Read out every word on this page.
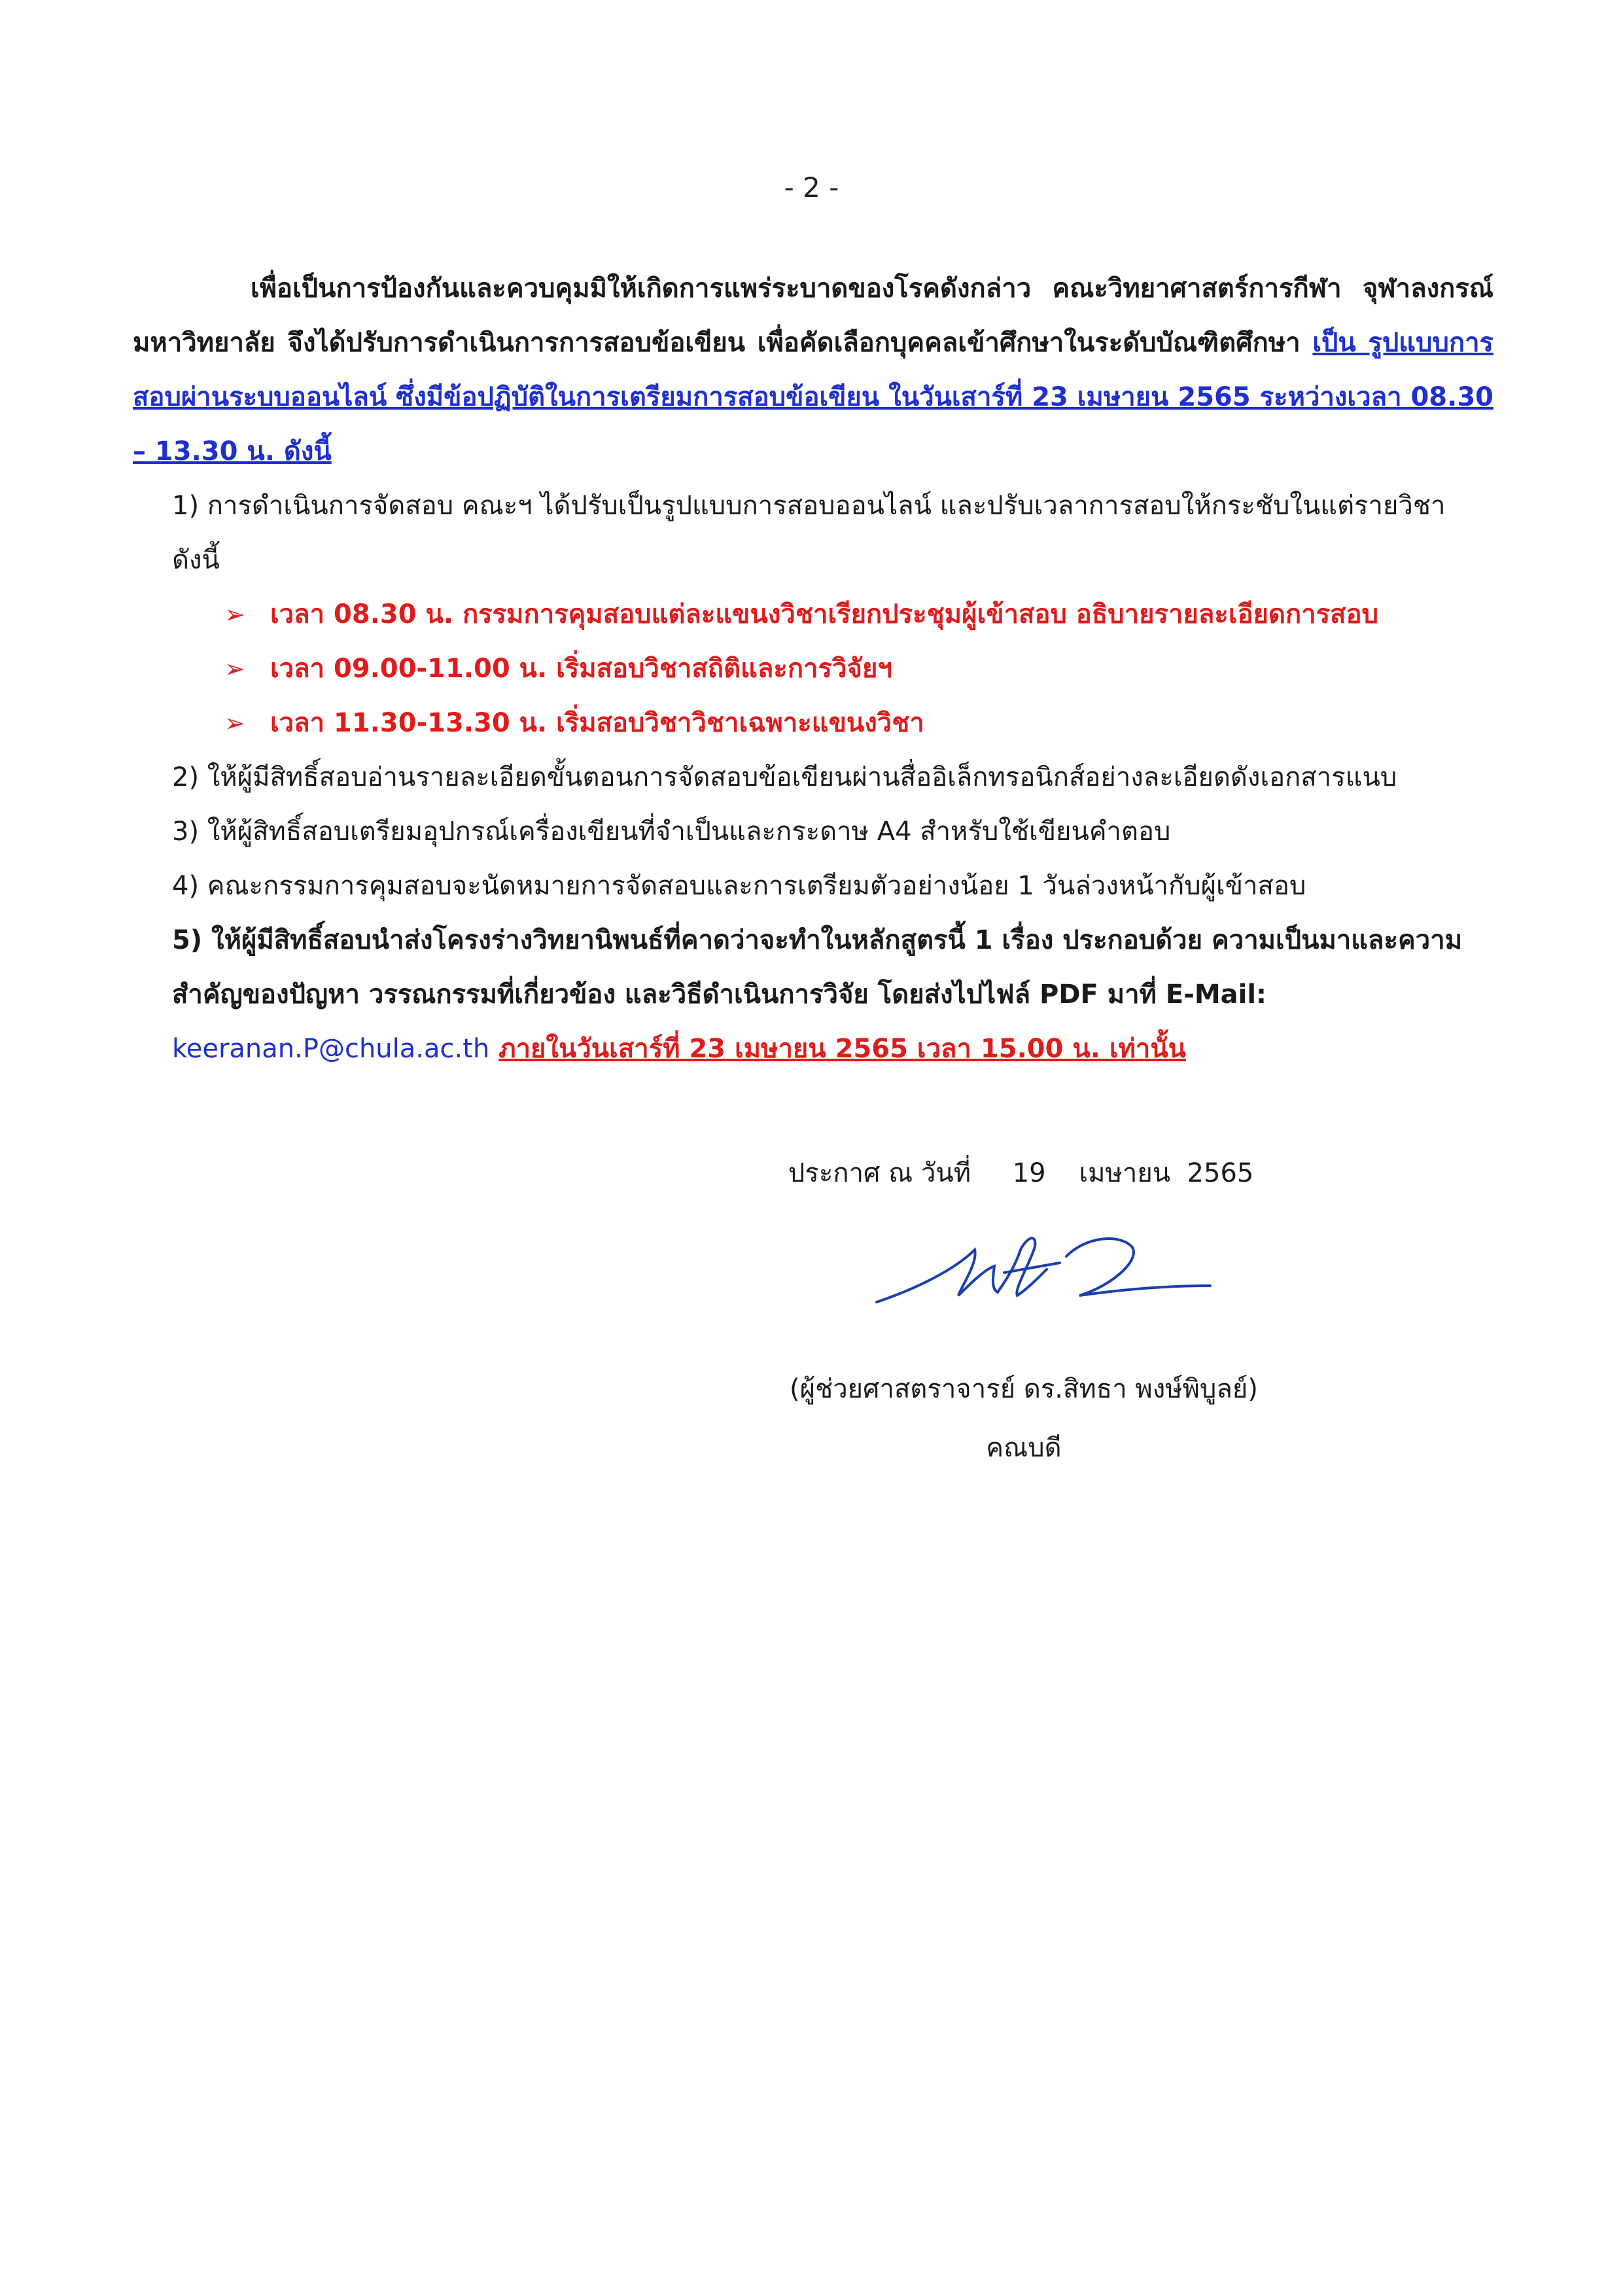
- 2 -

เพื่อเป็นการป้องกันและควบคุมมิให้เกิดการแพร่ระบาดของโรคดังกล่าว คณะวิทยาศาสตร์การกีฬา จุฬาลงกรณ์มหาวิทยาลัย จึงได้ปรับการดำเนินการการสอบข้อเขียน เพื่อคัดเลือกบุคคลเข้าศึกษาในระดับบัณฑิตศึกษา เป็น รูปแบบการสอบผ่านระบบออนไลน์ ซึ่งมีข้อปฏิบัติในการเตรียมการสอบข้อเขียน ในวันเสาร์ที่ 23 เมษายน 2565 ระหว่างเวลา 08.30 – 13.30 น. ดังนี้

1) การดำเนินการจัดสอบ คณะฯ ได้ปรับเป็นรูปแบบการสอบออนไลน์ และปรับเวลาการสอบให้กระชับในแต่รายวิชา ดังนี้

➢ เวลา 08.30 น. กรรมการคุมสอบแต่ละแขนงวิชาเรียกประชุมผู้เข้าสอบ อธิบายรายละเอียดการสอบ
➢ เวลา 09.00-11.00 น. เริ่มสอบวิชาสถิติและการวิจัยฯ
➢ เวลา 11.30-13.30 น. เริ่มสอบวิชาวิชาเฉพาะแขนงวิชา

2) ให้ผู้มีสิทธิ์สอบอ่านรายละเอียดขั้นตอนการจัดสอบข้อเขียนผ่านสื่ออิเล็กทรอนิกส์อย่างละเอียดดังเอกสารแนบ

3) ให้ผู้สิทธิ์สอบเตรียมอุปกรณ์เครื่องเขียนที่จำเป็นและกระดาษ A4 สำหรับใช้เขียนคำตอบ

4) คณะกรรมการคุมสอบจะนัดหมายการจัดสอบและการเตรียมตัวอย่างน้อย 1 วันล่วงหน้ากับผู้เข้าสอบ

5) ให้ผู้มีสิทธิ์สอบนำส่งโครงร่างวิทยานิพนธ์ที่คาดว่าจะทำในหลักสูตรนี้ 1 เรื่อง ประกอบด้วย ความเป็นมาและความสำคัญของปัญหา วรรณกรรมที่เกี่ยวข้อง และวิธีดำเนินการวิจัย โดยส่งไปไฟล์ PDF มาที่ E-Mail: keeranan.P@chula.ac.th ภายในวันเสาร์ที่ 23 เมษายน 2565 เวลา 15.00 น. เท่านั้น

ประกาศ ณ วันที่     19    เมษายน  2565
(ผู้ช่วยศาสตราจารย์ ดร.สิทธา พงษ์พิบูลย์)
คณบดี
